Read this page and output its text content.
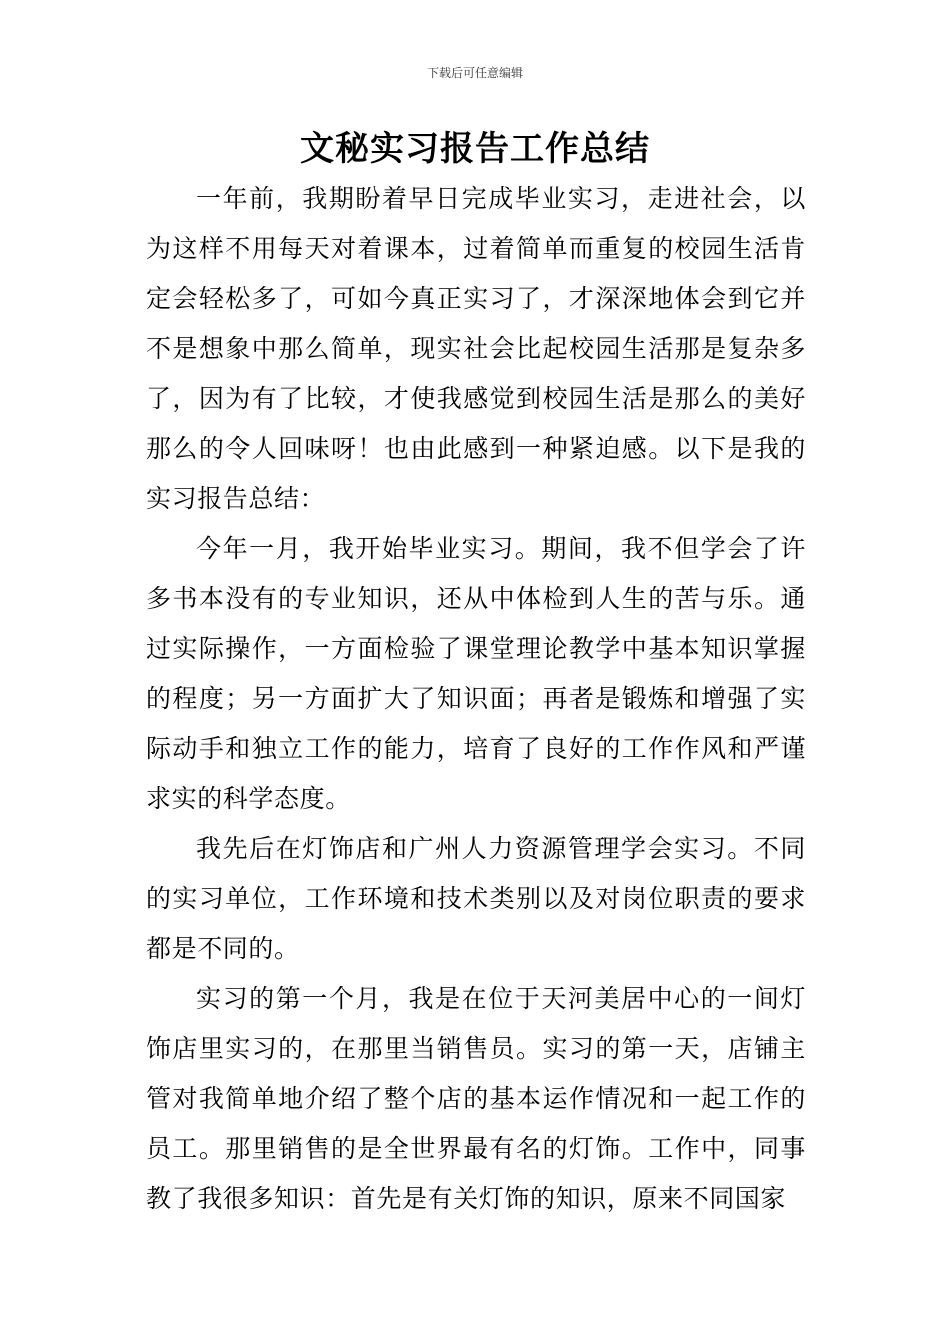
下载后可任意编辑
文秘实习报告工作总结

一年前，我期盼着早日完成毕业实习，走进社会，以为这样不用每天对着课本，过着简单而重复的校园生活肯定会轻松多了，可如今真正实习了，才深深地体会到它并不是想象中那么简单，现实社会比起校园生活那是复杂多了，因为有了比较，才使我感觉到校园生活是那么的美好那么的令人回味呀！也由此感到一种紧迫感。以下是我的实习报告总结：

今年一月，我开始毕业实习。期间，我不但学会了许多书本没有的专业知识，还从中体检到人生的苦与乐。通过实际操作，一方面检验了课堂理论教学中基本知识掌握的程度；另一方面扩大了知识面；再者是锻炼和增强了实际动手和独立工作的能力，培育了良好的工作作风和严谨求实的科学态度。

我先后在灯饰店和广州人力资源管理学会实习。不同的实习单位，工作环境和技术类别以及对岗位职责的要求都是不同的。

实习的第一个月，我是在位于天河美居中心的一间灯饰店里实习的，在那里当销售员。实习的第一天，店铺主管对我简单地介绍了整个店的基本运作情况和一起工作的员工。那里销售的是全世界最有名的灯饰。工作中，同事教了我很多知识：首先是有关灯饰的知识，原来不同国家
